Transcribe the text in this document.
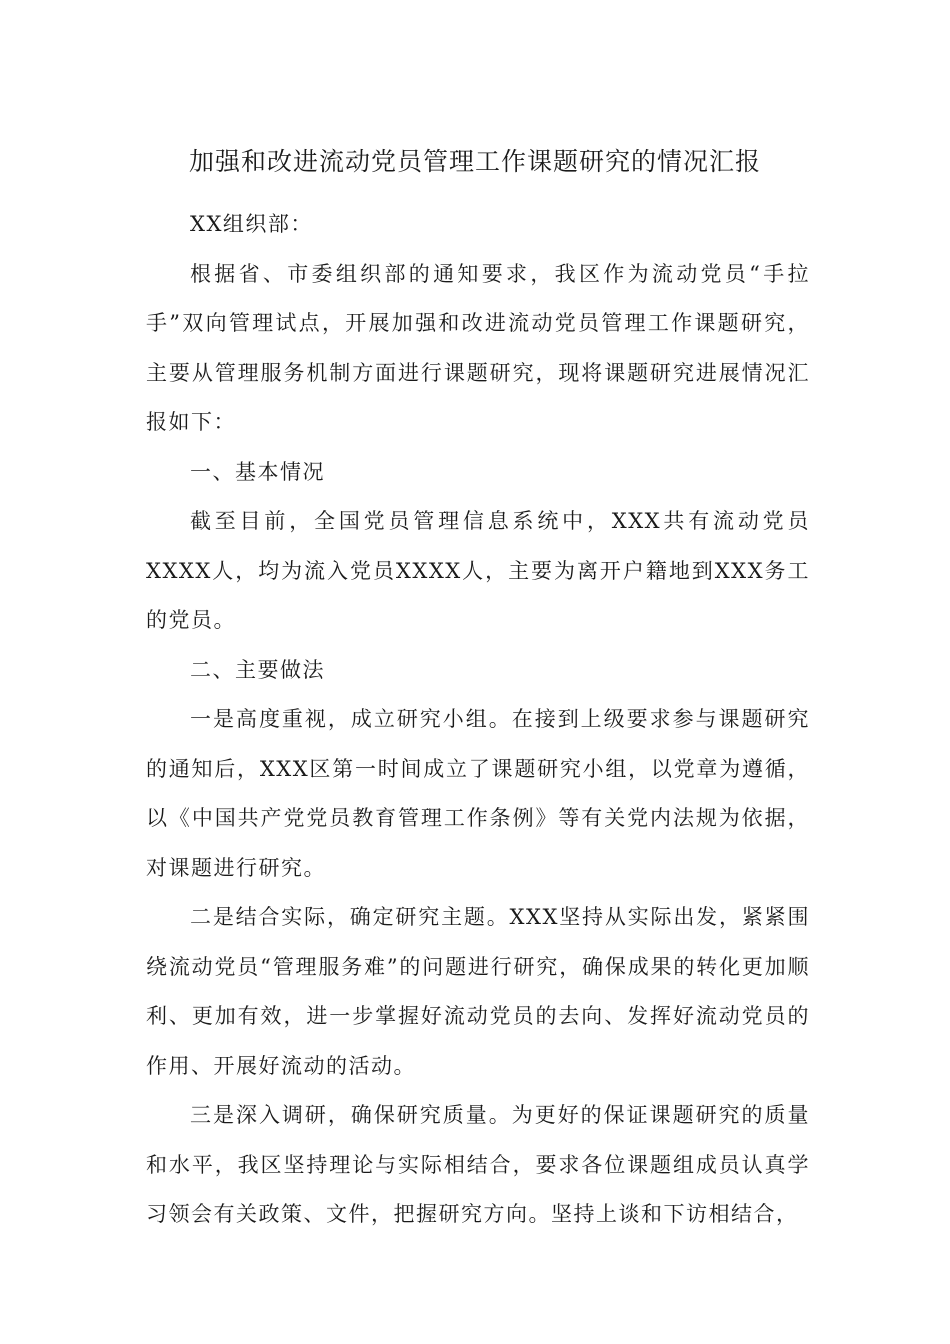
加强和改进流动党员管理工作课题研究的情况汇报

XX组织部：

根据省、市委组织部的通知要求，我区作为流动党员“手拉手”双向管理试点，开展加强和改进流动党员管理工作课题研究，主要从管理服务机制方面进行课题研究，现将课题研究进展情况汇报如下：

一、基本情况

截至目前，全国党员管理信息系统中，XXX共有流动党员XXXX人，均为流入党员XXXX人，主要为离开户籍地到XXX务工的党员。

二、主要做法

一是高度重视，成立研究小组。在接到上级要求参与课题研究的通知后，XXX区第一时间成立了课题研究小组，以党章为遵循，以《中国共产党党员教育管理工作条例》等有关党内法规为依据，对课题进行研究。

二是结合实际，确定研究主题。XXX坚持从实际出发，紧紧围绕流动党员“管理服务难”的问题进行研究，确保成果的转化更加顺利、更加有效，进一步掌握好流动党员的去向、发挥好流动党员的作用、开展好流动的活动。

三是深入调研，确保研究质量。为更好的保证课题研究的质量和水平，我区坚持理论与实际相结合，要求各位课题组成员认真学习领会有关政策、文件，把握研究方向。坚持上谈和下访相结合，
